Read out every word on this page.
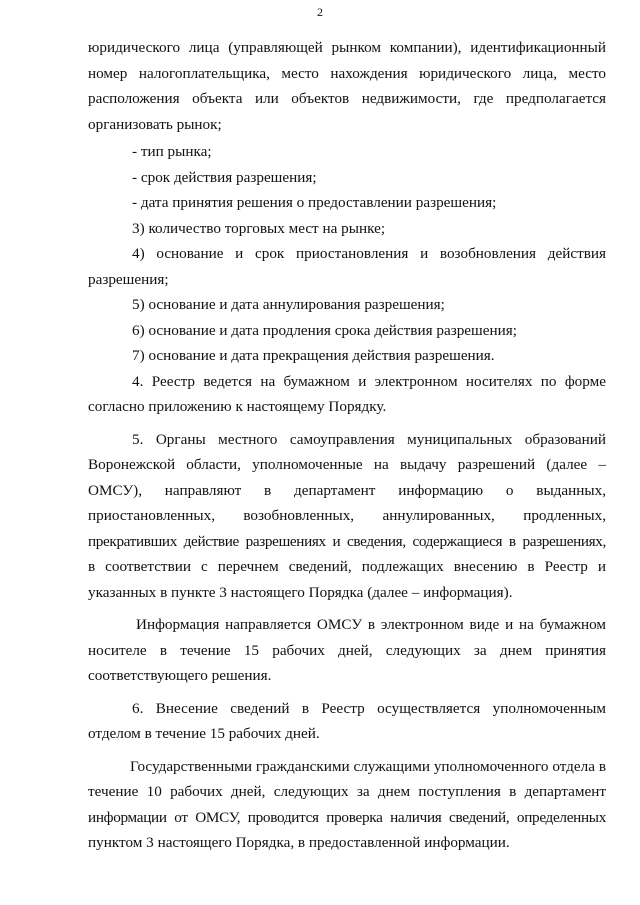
2
юридического лица (управляющей рынком компании), идентификационный
номер налогоплательщика, место нахождения юридического лица, место
расположения объекта или объектов недвижимости, где предполагается
организовать рынок;
- тип рынка;
- срок действия разрешения;
- дата принятия решения о предоставлении разрешения;
3) количество торговых мест на рынке;
4) основание и срок приостановления и возобновления действия
разрешения;
5) основание и дата аннулирования разрешения;
6) основание и дата продления срока действия разрешения;
7) основание и дата прекращения действия разрешения.
4. Реестр ведется на бумажном и электронном носителях по форме
согласно приложению к настоящему Порядку.
5. Органы местного самоуправления муниципальных образований
Воронежской области, уполномоченные на выдачу разрешений (далее –
ОМСУ), направляют в департамент информацию о выданных,
приостановленных, возобновленных, аннулированных, продленных,
прекративших действие разрешениях и сведения, содержащиеся в разрешениях,
в соответствии с перечнем сведений, подлежащих внесению в Реестр и
указанных в пункте 3 настоящего Порядка (далее – информация).
Информация направляется ОМСУ в электронном виде и на бумажном
носителе в течение 15 рабочих дней, следующих за днем принятия
соответствующего решения.
6. Внесение сведений в Реестр осуществляется уполномоченным
отделом в течение 15 рабочих дней.
Государственными гражданскими служащими уполномоченного отдела в
течение 10 рабочих дней, следующих за днем поступления в департамент
информации от ОМСУ, проводится проверка наличия сведений, определенных
пунктом 3 настоящего Порядка, в предоставленной информации.
